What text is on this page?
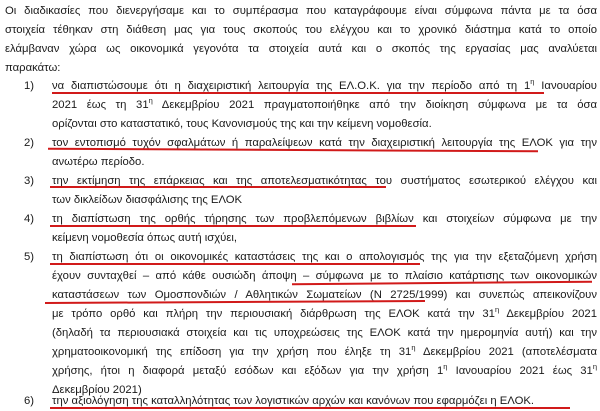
Οι διαδικασίες που διενεργήσαμε και το συμπέρασμα που καταγράφουμε είναι σύμφωνα πάντα με τα όσα
στοιχεία τέθηκαν στη διάθεση μας για τους σκοπούς του ελέγχου και το χρονικό διάστημα κατά το οποίο
ελάμβαναν χώρα ως οικονομικά γεγονότα τα στοιχεία αυτά και ο σκοπός της εργασίας μας αναλύεται
παρακάτω:
1) να διαπιστώσουμε ότι η διαχειριστική λειτουργία της ΕΛ.Ο.Κ. για την περίοδο από τη $1^\eta$ Ιανουαρίου
2021 έως τη $31^\eta$ Δεκεμβρίου 2021 πραγματοποιήθηκε από την διοίκηση σύμφωνα με τα όσα
ορίζονται στο καταστατικό, τους Κανονισμούς της και την κείμενη νομοθεσία.
2) τον εντοπισμό τυχόν σφαλμάτων ή παραλείψεων κατά την διαχειριστική λειτουργία της ΕΛΟΚ για την
ανωτέρω περίοδο.
3) την εκτίμηση της επάρκειας και της αποτελεσματικότητας του συστήματος εσωτερικού ελέγχου και
των δικλείδων διασφάλισης της ΕΛΟΚ
4) τη διαπίστωση της ορθής τήρησης των προβλεπόμενων βιβλίων και στοιχείων σύμφωνα με την
κείμενη νομοθεσία όπως αυτή ισχύει,
5) τη διαπίστωση ότι οι οικονομικές καταστάσεις της και ο απολογισμός της για την εξεταζόμενη χρήση
έχουν συνταχθεί – από κάθε ουσιώδη άποψη – σύμφωνα με το πλαίσιο κατάρτισης των οικονομικών
καταστάσεων των Ομοσπονδιών / Αθλητικών Σωματείων (Ν 2725/1999) και συνεπώς απεικονίζουν
με τρόπο ορθό και πλήρη την περιουσιακή διάρθρωση της ΕΛΟΚ κατά την $31^\eta$ Δεκεμβρίου 2021
(δηλαδή τα περιουσιακά στοιχεία και τις υποχρεώσεις της ΕΛΟΚ κατά την ημερομηνία αυτή) και την
χρηματοοικονομική της επίδοση για την χρήση που έληξε τη $31^\eta$ Δεκεμβρίου 2021 (αποτελέσματα
χρήσης, ήτοι η διαφορά μεταξύ εσόδων και εξόδων για την χρήση $1^\eta$ Ιανουαρίου 2021 έως $31^\eta$
Δεκεμβρίου 2021)
6) την αξιολόγηση της καταλληλότητας των λογιστικών αρχών και κανόνων που εφαρμόζει η ΕΛΟΚ.
